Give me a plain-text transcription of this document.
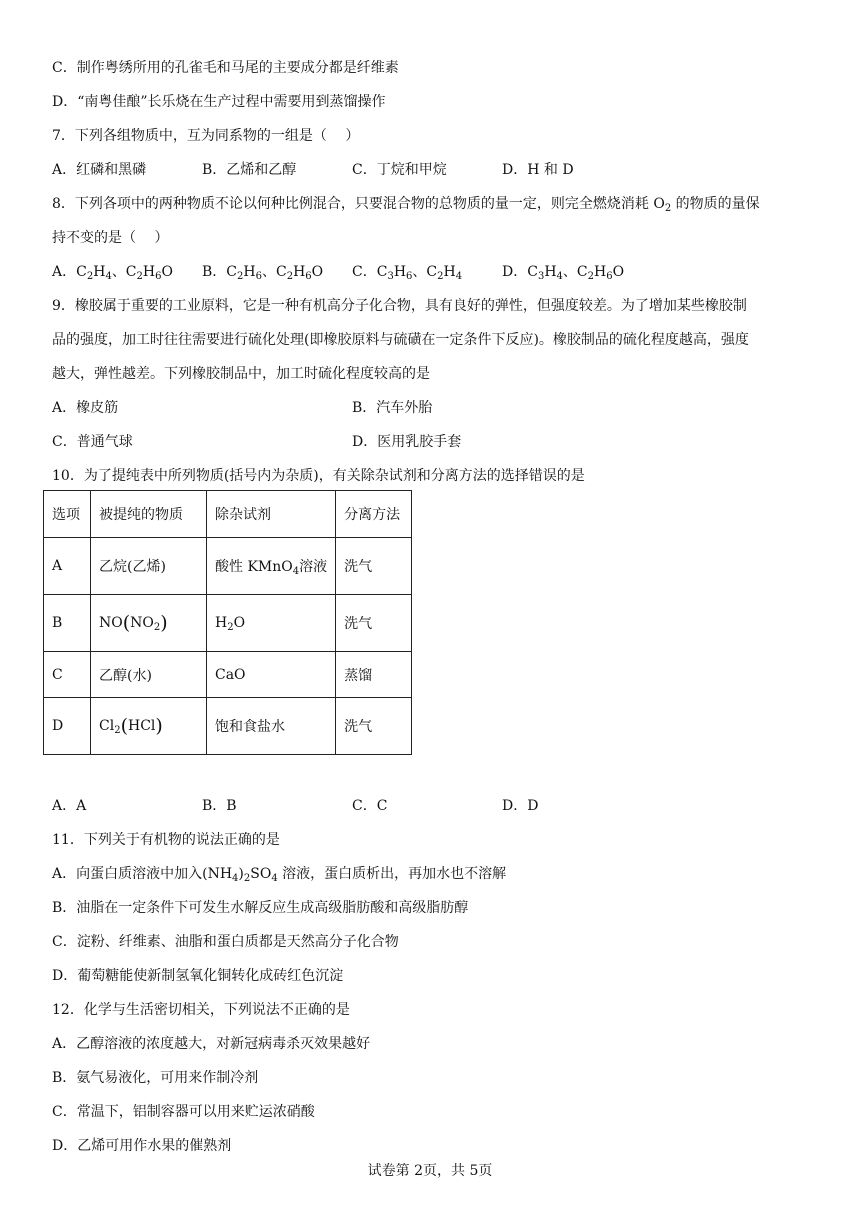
C．制作粤绣所用的孔雀毛和马尾的主要成分都是纤维素
D．“南粤佳酿”长乐烧在生产过程中需要用到蒸馏操作
7．下列各组物质中，互为同系物的一组是（　 ）
A．红磷和黑磷	B．乙烯和乙醇	C．丁烷和甲烷	D．H 和 D
8．下列各项中的两种物质不论以何种比例混合，只要混合物的总物质的量一定，则完全燃烧消耗 $O_2$ 的物质的量保
持不变的是（　 ）
A．$C_2H_4$、$C_2H_6O$ B．$C_2H_6$、$C_2H_6O$ C．$C_3H_6$、$C_2H_4$	D．$C_3H_4$、$C_2H_6O$
9．橡胶属于重要的工业原料，它是一种有机高分子化合物，具有良好的弹性，但强度较差。为了增加某些橡胶制
品的强度，加工时往往需要进行硫化处理(即橡胶原料与硫磺在一定条件下反应)。橡胶制品的硫化程度越高，强度
越大，弹性越差。下列橡胶制品中，加工时硫化程度较高的是
A．橡皮筋	B．汽车外胎
C．普通气球	D．医用乳胶手套
10．为了提纯表中所列物质(括号内为杂质)，有关除杂试剂和分离方法的选择错误的是
选项	被提纯的物质	除杂试剂	分离方法
A	乙烷(乙烯)	酸性 KMnO$_4$溶液	洗气
B	$NO(NO_2)$	$H_2O$	洗气
C	乙醇(水)	CaO	蒸馏
D	$Cl_2(HCl)$	饱和食盐水	洗气
A．A	B．B	C．C	D．D
11．下列关于有机物的说法正确的是
A．向蛋白质溶液中加入$(NH_4)_2SO_4$ 溶液，蛋白质析出，再加水也不溶解
B．油脂在一定条件下可发生水解反应生成高级脂肪酸和高级脂肪醇
C．淀粉、纤维素、油脂和蛋白质都是天然高分子化合物
D．葡萄糖能使新制氢氧化铜转化成砖红色沉淀
12．化学与生活密切相关，下列说法不正确的是
A．乙醇溶液的浓度越大，对新冠病毒杀灭效果越好
B．氨气易液化，可用来作制冷剂
C．常温下，铝制容器可以用来贮运浓硝酸
D．乙烯可用作水果的催熟剂
试卷第 2页，共 5页
